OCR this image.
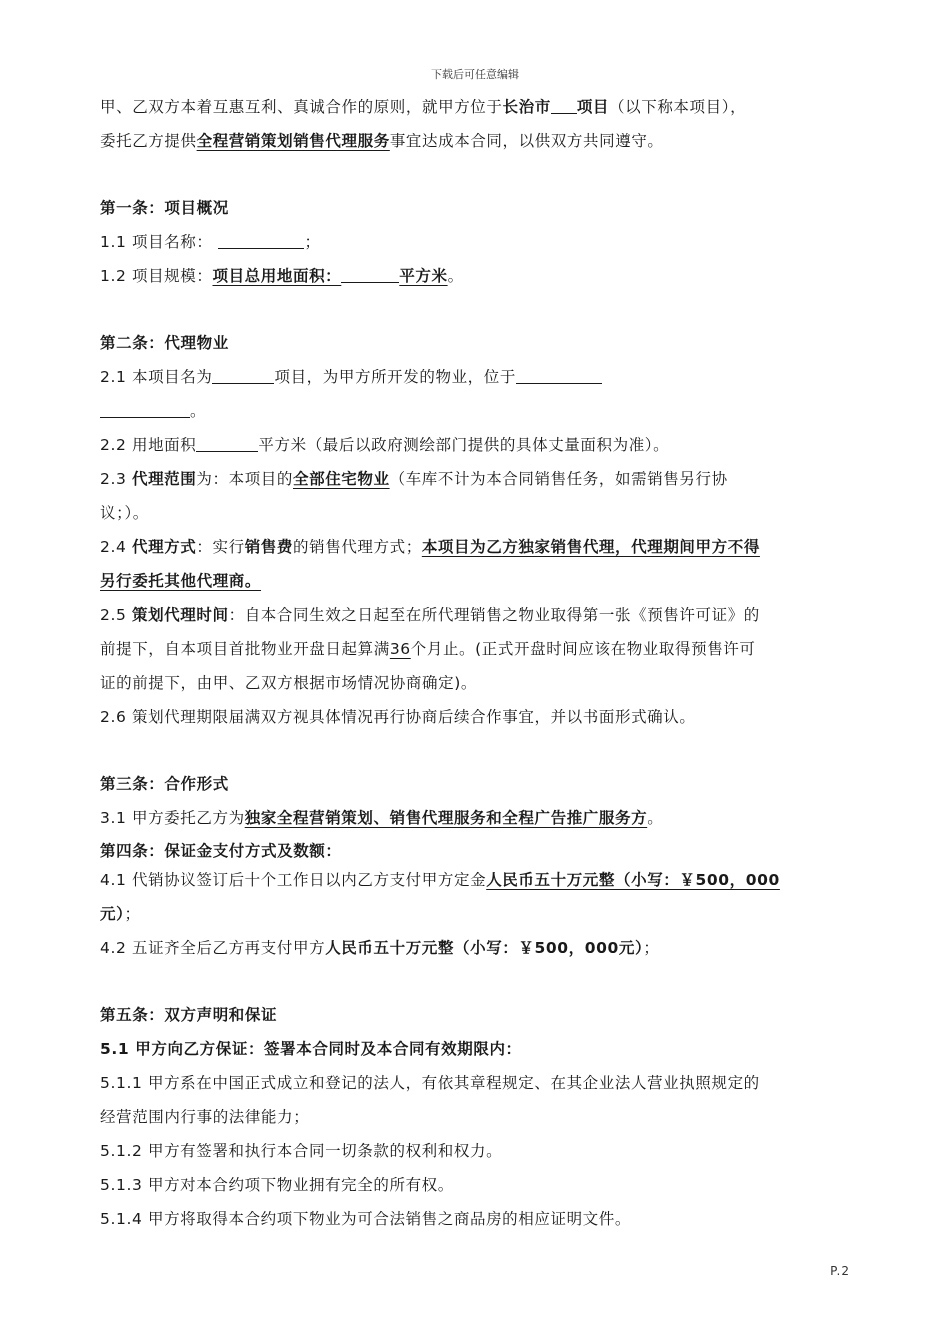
下载后可任意编辑

甲、乙双方本着互惠互利、真诚合作的原则，就甲方位于长治市 项目（以下称本项目），

委托乙方提供全程营销策划销售代理服务事宜达成本合同，以供双方共同遵守。

第一条：项目概况

1.1 项目名称：	；

1.2 项目规模：项目总用地面积：	平方米。

第二条：代理物业

2.1 本项目名为	项目，为甲方所开发的物业，位于

。

2.2 用地面积	平方米（最后以政府测绘部门提供的具体丈量面积为准）。

2.3 代理范围为：本项目的全部住宅物业（车库不计为本合同销售任务，如需销售另行协

议；）。

2.4 代理方式：实行销售费的销售代理方式；本项目为乙方独家销售代理，代理期间甲方不得

另行委托其他代理商。

2.5 策划代理时间：自本合同生效之日起至在所代理销售之物业取得第一张《预售许可证》的

前提下，自本项目首批物业开盘日起算满36个月止。(正式开盘时间应该在物业取得预售许可

证的前提下，由甲、乙双方根据市场情况协商确定)。

2.6 策划代理期限届满双方视具体情况再行协商后续合作事宜，并以书面形式确认。

第三条：合作形式

3.1 甲方委托乙方为独家全程营销策划、销售代理服务和全程广告推广服务方。

第四条：保证金支付方式及数额：

4.1 代销协议签订后十个工作日以内乙方支付甲方定金人民币五十万元整（小写：￥500，000

元）；

4.2 五证齐全后乙方再支付甲方人民币五十万元整（小写：￥500，000元）；

第五条：双方声明和保证

5.1 甲方向乙方保证：签署本合同时及本合同有效期限内：

5.1.1 甲方系在中国正式成立和登记的法人，有依其章程规定、在其企业法人营业执照规定的

经营范围内行事的法律能力；

5.1.2 甲方有签署和执行本合同一切条款的权利和权力。

5.1.3 甲方对本合约项下物业拥有完全的所有权。

5.1.4 甲方将取得本合约项下物业为可合法销售之商品房的相应证明文件。

P.2
